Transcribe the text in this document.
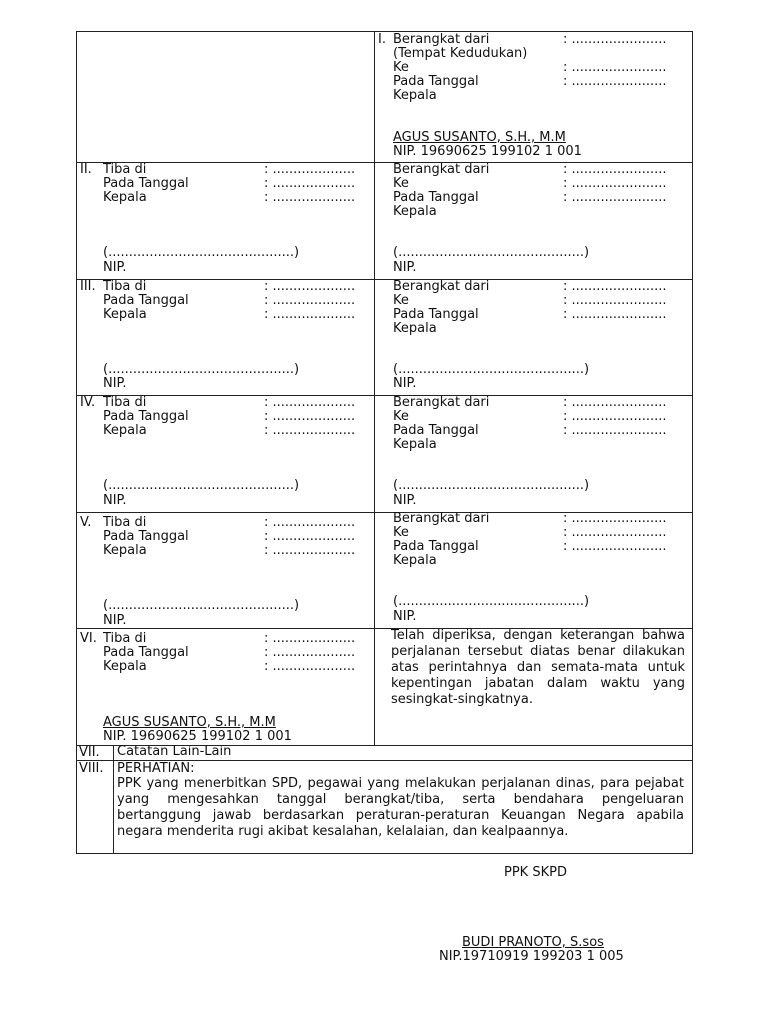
I. Berangkat dari	: .......................
(Tempat Kedudukan)
Ke	: .......................
Pada Tanggal	: .......................
Kepala
AGUS SUSANTO, S.H., M.M
NIP. 19690625 199102 1 001
II. Tiba di	: ....................
Pada Tanggal	: ....................
Kepala	: ....................
(.............................................)
NIP.
Berangkat dari	: .......................
Ke	: .......................
Pada Tanggal	: .......................
Kepala
(.............................................)
NIP.
III. Tiba di	: ....................
Pada Tanggal	: ....................
Kepala	: ....................
(.............................................)
NIP.
Berangkat dari	: .......................
Ke	: .......................
Pada Tanggal	: .......................
Kepala
(.............................................)
NIP.
IV. Tiba di	: ....................
Pada Tanggal	: ....................
Kepala	: ....................
(.............................................)
NIP.
Berangkat dari	: .......................
Ke	: .......................
Pada Tanggal	: .......................
Kepala
(.............................................)
NIP.
V. Tiba di	: ....................
Pada Tanggal	: ....................
Kepala	: ....................
(.............................................)
NIP.
Berangkat dari	: .......................
Ke	: .......................
Pada Tanggal	: .......................
Kepala
(.............................................)
NIP.
VI. Tiba di	: ....................
Pada Tanggal	: ....................
Kepala	: ....................
AGUS SUSANTO, S.H., M.M
NIP. 19690625 199102 1 001
Telah diperiksa, dengan keterangan bahwa perjalanan tersebut diatas benar dilakukan atas perintahnya dan semata-mata untuk kepentingan jabatan dalam waktu yang sesingkat-singkatnya.
VII. Catatan Lain-Lain
VIII. PERHATIAN:
PPK yang menerbitkan SPD, pegawai yang melakukan perjalanan dinas, para pejabat yang mengesahkan tanggal berangkat/tiba, serta bendahara pengeluaran bertanggung jawab berdasarkan peraturan-peraturan Keuangan Negara apabila negara menderita rugi akibat kesalahan, kelalaian, dan kealpaannya.
PPK SKPD
BUDI PRANOTO, S.sos
NIP.19710919 199203 1 005
